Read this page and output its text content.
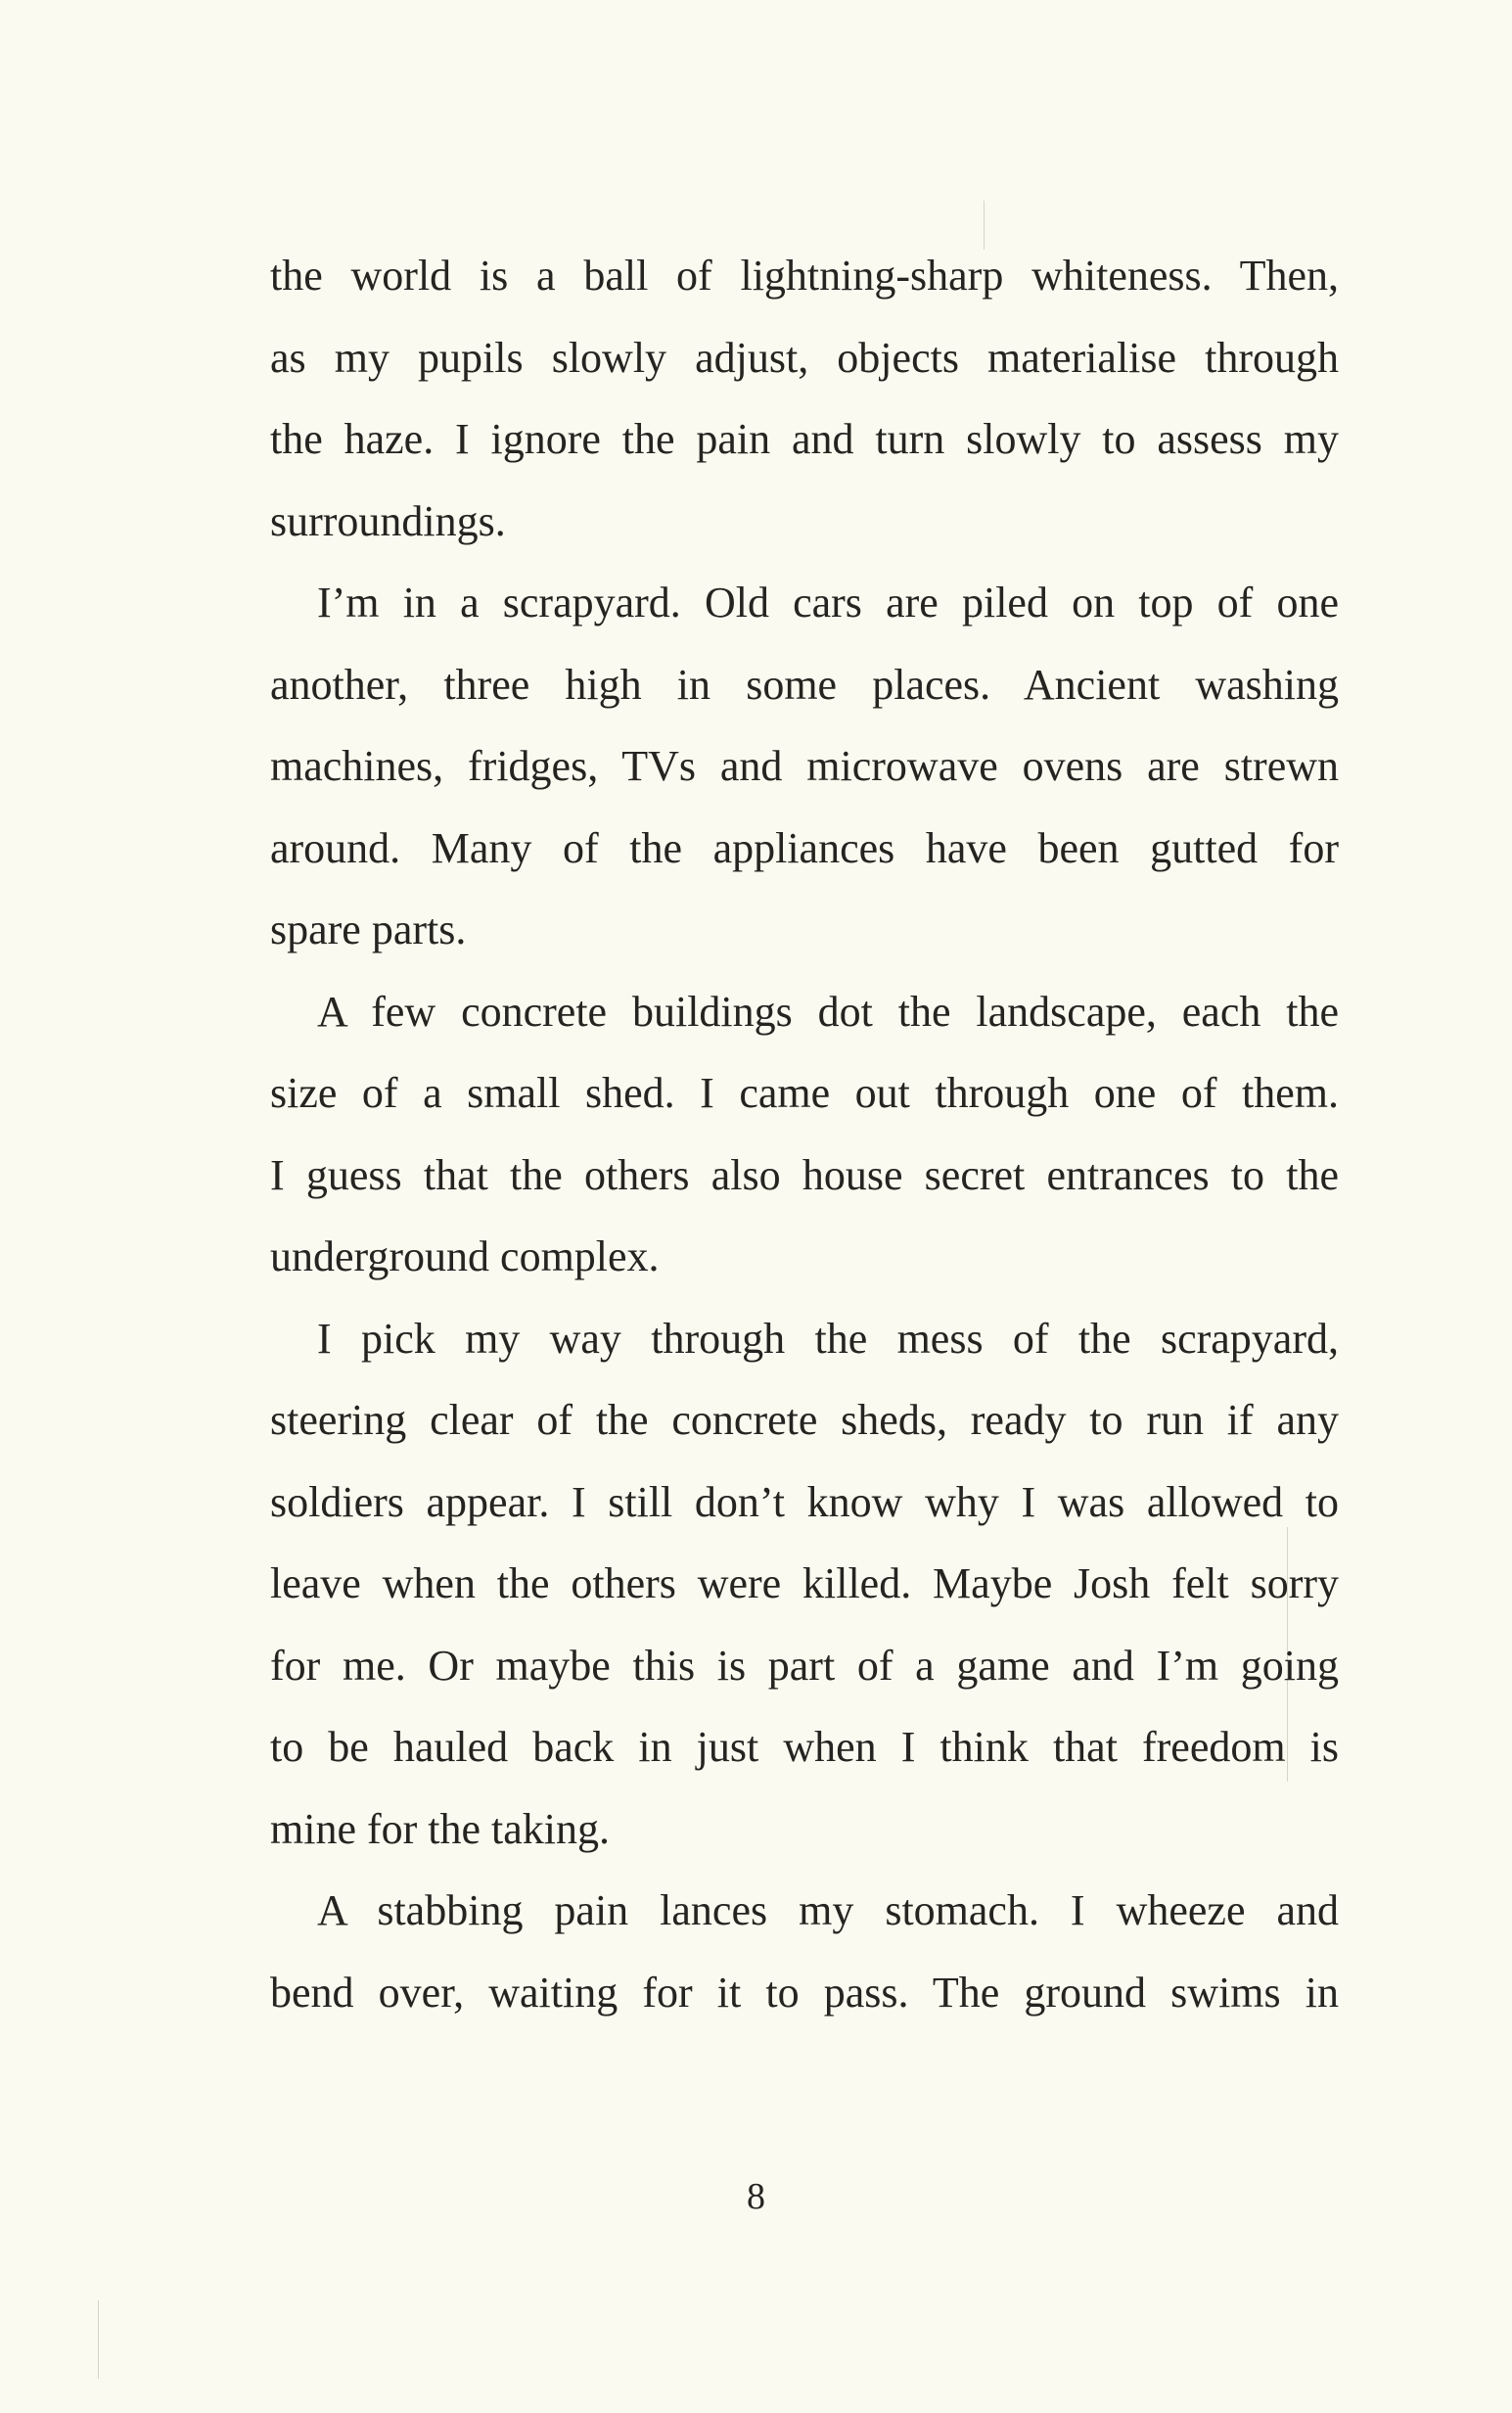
the world is a ball of lightning-sharp whiteness. Then,
as my pupils slowly adjust, objects materialise through
the haze. I ignore the pain and turn slowly to assess my
surroundings.

I’m in a scrapyard. Old cars are piled on top of one
another, three high in some places. Ancient washing
machines, fridges, TVs and microwave ovens are strewn
around. Many of the appliances have been gutted for
spare parts.

A few concrete buildings dot the landscape, each the
size of a small shed. I came out through one of them.
I guess that the others also house secret entrances to the
underground complex.

I pick my way through the mess of the scrapyard,
steering clear of the concrete sheds, ready to run if any
soldiers appear. I still don’t know why I was allowed to
leave when the others were killed. Maybe Josh felt sorry
for me. Or maybe this is part of a game and I’m going
to be hauled back in just when I think that freedom is
mine for the taking.

A stabbing pain lances my stomach. I wheeze and
bend over, waiting for it to pass. The ground swims in

8
